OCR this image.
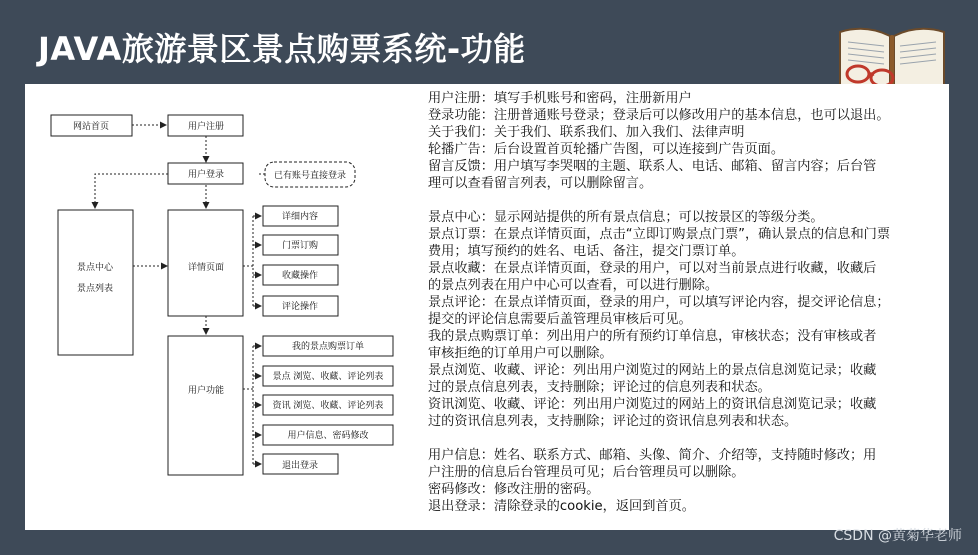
JAVA旅游景区景点购票系统-功能
网站首页	用户注册
用户登录	已有账号直接登录
景点中心
景点列表
详情页面
详细内容
门票订购
收藏操作
评论操作
用户功能
我的景点购票订单
景点 浏览、收藏、评论列表
资讯 浏览、收藏、评论列表
用户信息、密码修改
退出登录
用户注册：填写手机账号和密码，注册新用户
登录功能：注册普通账号登录；登录后可以修改用户的基本信息，也可以退出。
关于我们：关于我们、联系我们、加入我们、法律声明
轮播广告：后台设置首页轮播广告图，可以连接到广告页面。
留言反馈：用户填写李哭咽的主题、联系人、电话、邮箱、留言内容；后台管
理可以查看留言列表，可以删除留言。
景点中心：显示网站提供的所有景点信息；可以按景区的等级分类。
景点订票：在景点详情页面，点击“立即订购景点门票”，确认景点的信息和门票
费用；填写预约的姓名、电话、备注，提交门票订单。
景点收藏：在景点详情页面，登录的用户，可以对当前景点进行收藏，收藏后
的景点列表在用户中心可以查看，可以进行删除。
景点评论：在景点详情页面，登录的用户，可以填写评论内容，提交评论信息；
提交的评论信息需要后盖管理员审核后可见。
我的景点购票订单：列出用户的所有预约订单信息，审核状态；没有审核或者
审核拒绝的订单用户可以删除。
景点浏览、收藏、评论：列出用户浏览过的网站上的景点信息浏览记录；收藏
过的景点信息列表，支持删除；评论过的信息列表和状态。
资讯浏览、收藏、评论：列出用户浏览过的网站上的资讯信息浏览记录；收藏
过的资讯信息列表，支持删除；评论过的资讯信息列表和状态。
用户信息：姓名、联系方式、邮箱、头像、简介、介绍等，支持随时修改；用
户注册的信息后台管理员可见；后台管理员可以删除。
密码修改：修改注册的密码。
退出登录：清除登录的cookie，返回到首页。
CSDN @黄菊华老师
